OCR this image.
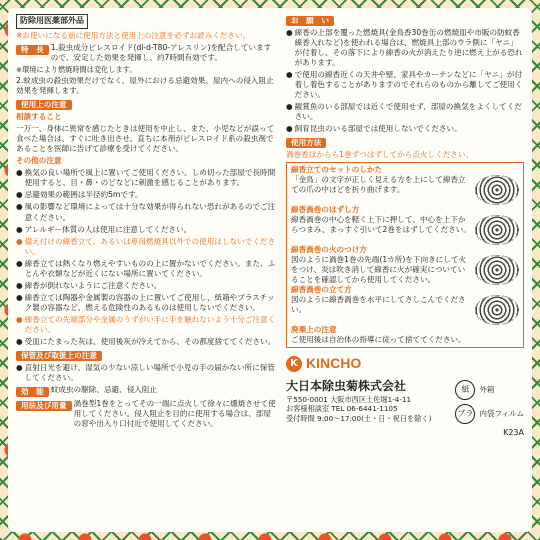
防除用医薬部外品
※お使いになる前に使用方法と使用上の注意を必ずお読みください。
特　長 1.殺虫成分ピレスロイド(dl-d-T80-アレスリン)を配合していますので、安定した効果を発揮し、約7時間有効です。
※環境により燃焼時間は変化します。
2.蚊成虫の殺虫効果だけでなく、屋外における忌避効果、屋内への侵入阻止効果を発揮します。
使用上の注意
相談すること
一万一、身体に異常を感じたときは使用を中止し、また、小児などが誤って食べた場合は、すぐに吐き出させ、直ちに本剤がピレスロイド系の殺虫剤であることを医師に告げて診療を受けてください。
その他の注意
● 換気の良い場所で風上に置いてご使用ください。しめ切った部屋で長時間使用すると、目・鼻・のどなどに刺激を感じることがあります。
● 忌避効果の範囲は半径約5mです。
● 風の影響など環境によっては十分な効果が得られない恐れがあるのでご注意ください。
● アレルギー体質の人は使用に注意してください。
● 備え付けの線香立て、あるいは専用燃焼具以外での使用はしないでください。
● 線香立ては熱くなり燃えやすいものの上に置かないでください。また、ふとんや衣類などが近くにない場所に置いてください。
● 線香が倒れないようにご注意ください。
● 線香立ては陶器や金属製の容器の上に置いてご使用し、紙箱やプラスチック製の容器など、燃える危険性のあるものは使用しないでください。
● 線香立ての先端部分や金属のうずがい手に手を触れないよう十分ご注意ください。
● 受皿にたまった灰は、使用後灰が冷えてから、その都度捨ててください。
保管及び取扱上の注意
● 直射日光を避け、湿気の少ない涼しい場所で小児の手の届かない所に保管してください。
効　能 蚊成虫の駆除、忌避、侵入阻止
用法及び用量 渦巻型1巻をとってその一端に点火して徐々に燻焼させて使用してください。侵入阻止を目的に使用する場合は、部屋の窓や出入り口付近で使用してください。
お　願　い
● 線香の上部を覆った燃焼具(金鳥香30巻缶の燃焼皿や市販の防蚊香線香入れなど)を使われる場合は、燃焼具上部のウラ側に「ヤニ」が付着し、その落下により線香の火が消えたり逆に燃え上がる恐れがあります。
● で使用の線香近くの天井や壁、家具やカーテンなどに「ヤニ」が付着し着色することがありますのでそれらのものから離してご使用ください。
● 観賞魚のいる部屋では近くで使用せず、部屋の換気をよくしてください。
● 飼育昆虫のいる部屋では使用しないでください。
使用方法
渦巻香はからら1巻ずつはずしてから点火しください。
線香立てのセットのしかた
「金鳥」の文字が正しく見える方を上にして線香立ての爪の中ほどを折り曲げます。
線香渦巻のはずし方
線香渦巻の中心を軽く上下に押して、中心を上下からつまみ、まっすぐ引いて2巻をはずしてください。
線香渦巻の火のつけ方
図のように渦巻1巻の先端(1カ所)を下向きにして火をつけ、炎は吹き消して線香に火が確実についていることを確認してから使用してください。
線香渦巻の立て方
図のように線香渦巻を水平にしてさしこんでください。
廃棄上の注意
ご使用後は自治体の指導に従って捨ててください。
K KINCHO
大日本除虫菊株式会社
〒550-0001 大阪市西区土佐堀1-4-11
お客様相談室 TEL 06-6441-1105
受付時間 9:00〜17:00(土・日・祝日を除く)
紙	外箱
プラ 内袋フィルム
K23A
